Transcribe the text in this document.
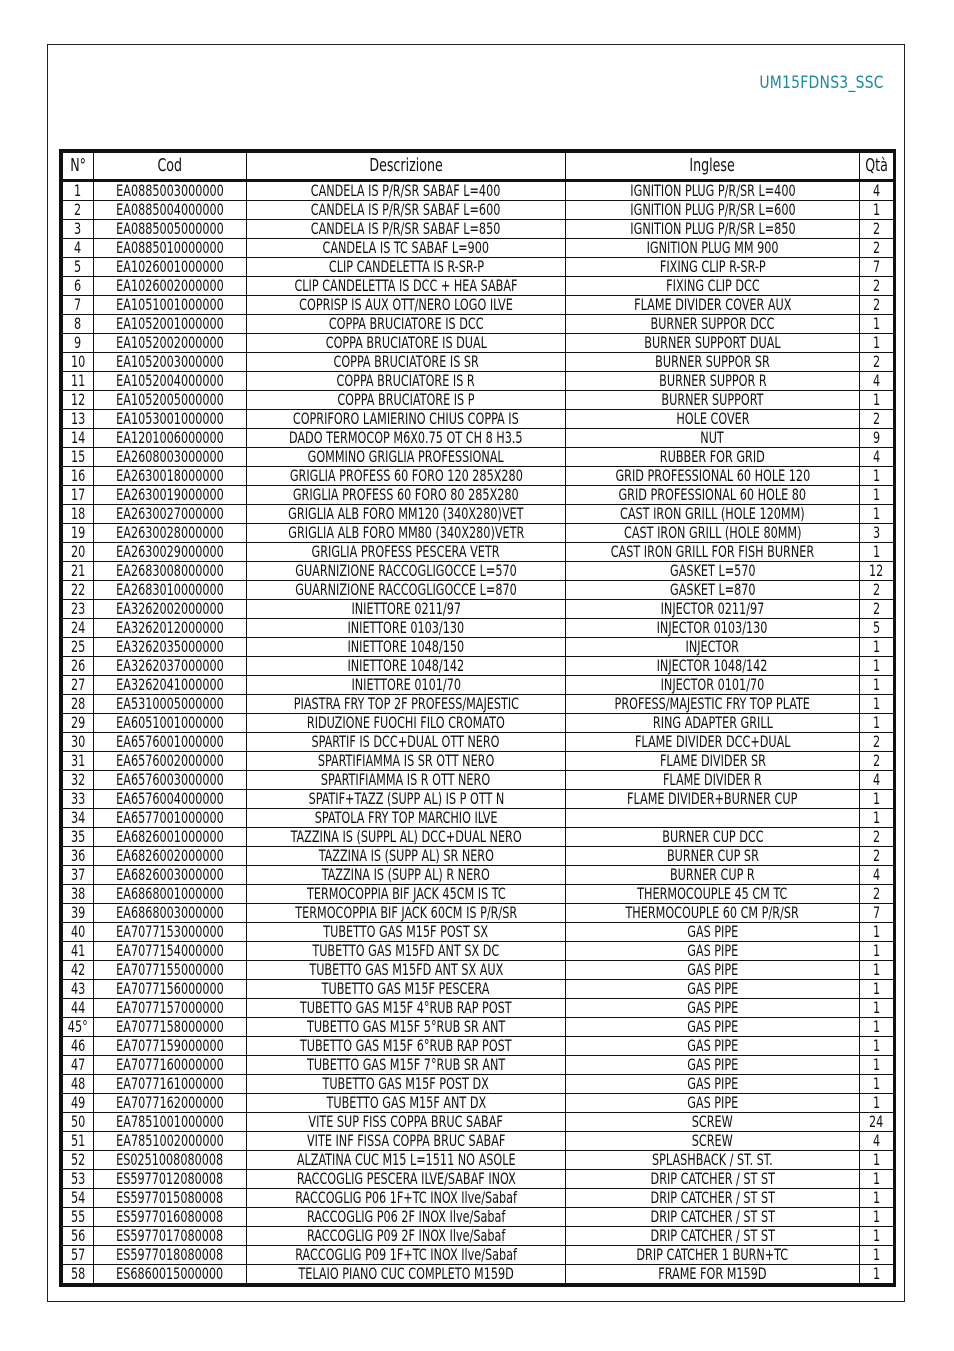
UM15FDNS3_SSC
N°	Cod	Descrizione	Inglese	Qtà
1	EA0885003000000	CANDELA IS P/R/SR SABAF L=400	IGNITION PLUG P/R/SR L=400	4
2	EA0885004000000	CANDELA IS P/R/SR SABAF L=600	IGNITION PLUG P/R/SR L=600	1
3	EA0885005000000	CANDELA IS P/R/SR SABAF L=850	IGNITION PLUG P/R/SR L=850	2
4	EA0885010000000	CANDELA IS TC SABAF L=900	IGNITION PLUG MM 900	2
5	EA1026001000000	CLIP CANDELETTA IS R-SR-P	FIXING CLIP R-SR-P	7
6	EA1026002000000	CLIP CANDELETTA IS DCC + HEA SABAF	FIXING CLIP DCC	2
7	EA1051001000000	COPRISP IS AUX OTT/NERO LOGO ILVE	FLAME DIVIDER COVER AUX	2
8	EA1052001000000	COPPA BRUCIATORE IS DCC	BURNER SUPPOR DCC	1
9	EA1052002000000	COPPA BRUCIATORE IS DUAL	BURNER SUPPORT DUAL	1
10	EA1052003000000	COPPA BRUCIATORE IS SR	BURNER SUPPOR SR	2
11	EA1052004000000	COPPA BRUCIATORE IS R	BURNER SUPPOR R	4
12	EA1052005000000	COPPA BRUCIATORE IS P	BURNER SUPPORT	1
13	EA1053001000000	COPRIFORO LAMIERINO CHIUS COPPA IS	HOLE COVER	2
14	EA1201006000000	DADO TERMOCOP M6X0.75 OT CH 8 H3.5	NUT	9
15	EA2608003000000	GOMMINO GRIGLIA PROFESSIONAL	RUBBER FOR GRID	4
16	EA2630018000000	GRIGLIA PROFESS 60 FORO 120 285X280	GRID PROFESSIONAL 60 HOLE 120	1
17	EA2630019000000	GRIGLIA PROFESS 60 FORO 80 285X280	GRID PROFESSIONAL 60 HOLE 80	1
18	EA2630027000000	GRIGLIA ALB FORO MM120 (340X280)VET	CAST IRON GRILL (HOLE 120MM)	1
19	EA2630028000000	GRIGLIA ALB FORO MM80 (340X280)VETR	CAST IRON GRILL (HOLE 80MM)	3
20	EA2630029000000	GRIGLIA PROFESS PESCERA VETR	CAST IRON GRILL FOR FISH BURNER	1
21	EA2683008000000	GUARNIZIONE RACCOGLIGOCCE L=570	GASKET L=570	12
22	EA2683010000000	GUARNIZIONE RACCOGLIGOCCE L=870	GASKET L=870	2
23	EA3262002000000	INIETTORE 0211/97	INJECTOR 0211/97	2
24	EA3262012000000	INIETTORE 0103/130	INJECTOR 0103/130	5
25	EA3262035000000	INIETTORE 1048/150	INJECTOR	1
26	EA3262037000000	INIETTORE 1048/142	INJECTOR 1048/142	1
27	EA3262041000000	INIETTORE 0101/70	INJECTOR 0101/70	1
28	EA5310005000000	PIASTRA FRY TOP 2F PROFESS/MAJESTIC	PROFESS/MAJESTIC FRY TOP PLATE	1
29	EA6051001000000	RIDUZIONE FUOCHI FILO CROMATO	RING ADAPTER GRILL	1
30	EA6576001000000	SPARTIF IS DCC+DUAL OTT NERO	FLAME DIVIDER DCC+DUAL	2
31	EA6576002000000	SPARTIFIAMMA IS SR OTT NERO	FLAME DIVIDER SR	2
32	EA6576003000000	SPARTIFIAMMA IS R OTT NERO	FLAME DIVIDER R	4
33	EA6576004000000	SPATIF+TAZZ (SUPP AL) IS P OTT N	FLAME DIVIDER+BURNER CUP	1
34	EA6577001000000	SPATOLA FRY TOP MARCHIO ILVE		1
35	EA6826001000000	TAZZINA IS (SUPPL AL) DCC+DUAL NERO	BURNER CUP DCC	2
36	EA6826002000000	TAZZINA IS (SUPP AL) SR NERO	BURNER CUP SR	2
37	EA6826003000000	TAZZINA IS (SUPP AL) R NERO	BURNER CUP R	4
38	EA6868001000000	TERMOCOPPIA BIF JACK 45CM IS TC	THERMOCOUPLE 45 CM TC	2
39	EA6868003000000	TERMOCOPPIA BIF JACK 60CM IS P/R/SR	THERMOCOUPLE 60 CM P/R/SR	7
40	EA7077153000000	TUBETTO GAS M15F POST SX	GAS PIPE	1
41	EA7077154000000	TUBETTO GAS M15FD ANT SX DC	GAS PIPE	1
42	EA7077155000000	TUBETTO GAS M15FD ANT SX AUX	GAS PIPE	1
43	EA7077156000000	TUBETTO GAS M15F PESCERA	GAS PIPE	1
44	EA7077157000000	TUBETTO GAS M15F 4°RUB RAP POST	GAS PIPE	1
45°	EA7077158000000	TUBETTO GAS M15F 5°RUB SR ANT	GAS PIPE	1
46	EA7077159000000	TUBETTO GAS M15F 6°RUB RAP POST	GAS PIPE	1
47	EA7077160000000	TUBETTO GAS M15F 7°RUB SR ANT	GAS PIPE	1
48	EA7077161000000	TUBETTO GAS M15F POST DX	GAS PIPE	1
49	EA7077162000000	TUBETTO GAS M15F ANT DX	GAS PIPE	1
50	EA7851001000000	VITE SUP FISS COPPA BRUC SABAF	SCREW	24
51	EA7851002000000	VITE INF FISSA COPPA BRUC SABAF	SCREW	4
52	ES0251008080008	ALZATINA CUC M15 L=1511 NO ASOLE	SPLASHBACK / ST. ST.	1
53	ES5977012080008	RACCOGLIG PESCERA ILVE/SABAF INOX	DRIP CATCHER / ST ST	1
54	ES5977015080008	RACCOGLIG P06 1F+TC INOX Ilve/Sabaf	DRIP CATCHER / ST ST	1
55	ES5977016080008	RACCOGLIG P06 2F INOX Ilve/Sabaf	DRIP CATCHER / ST ST	1
56	ES5977017080008	RACCOGLIG P09 2F INOX Ilve/Sabaf	DRIP CATCHER / ST ST	1
57	ES5977018080008	RACCOGLIG P09 1F+TC INOX Ilve/Sabaf	DRIP CATCHER 1 BURN+TC	1
58	ES6860015000000	TELAIO PIANO CUC COMPLETO M159D	FRAME FOR M159D	1
